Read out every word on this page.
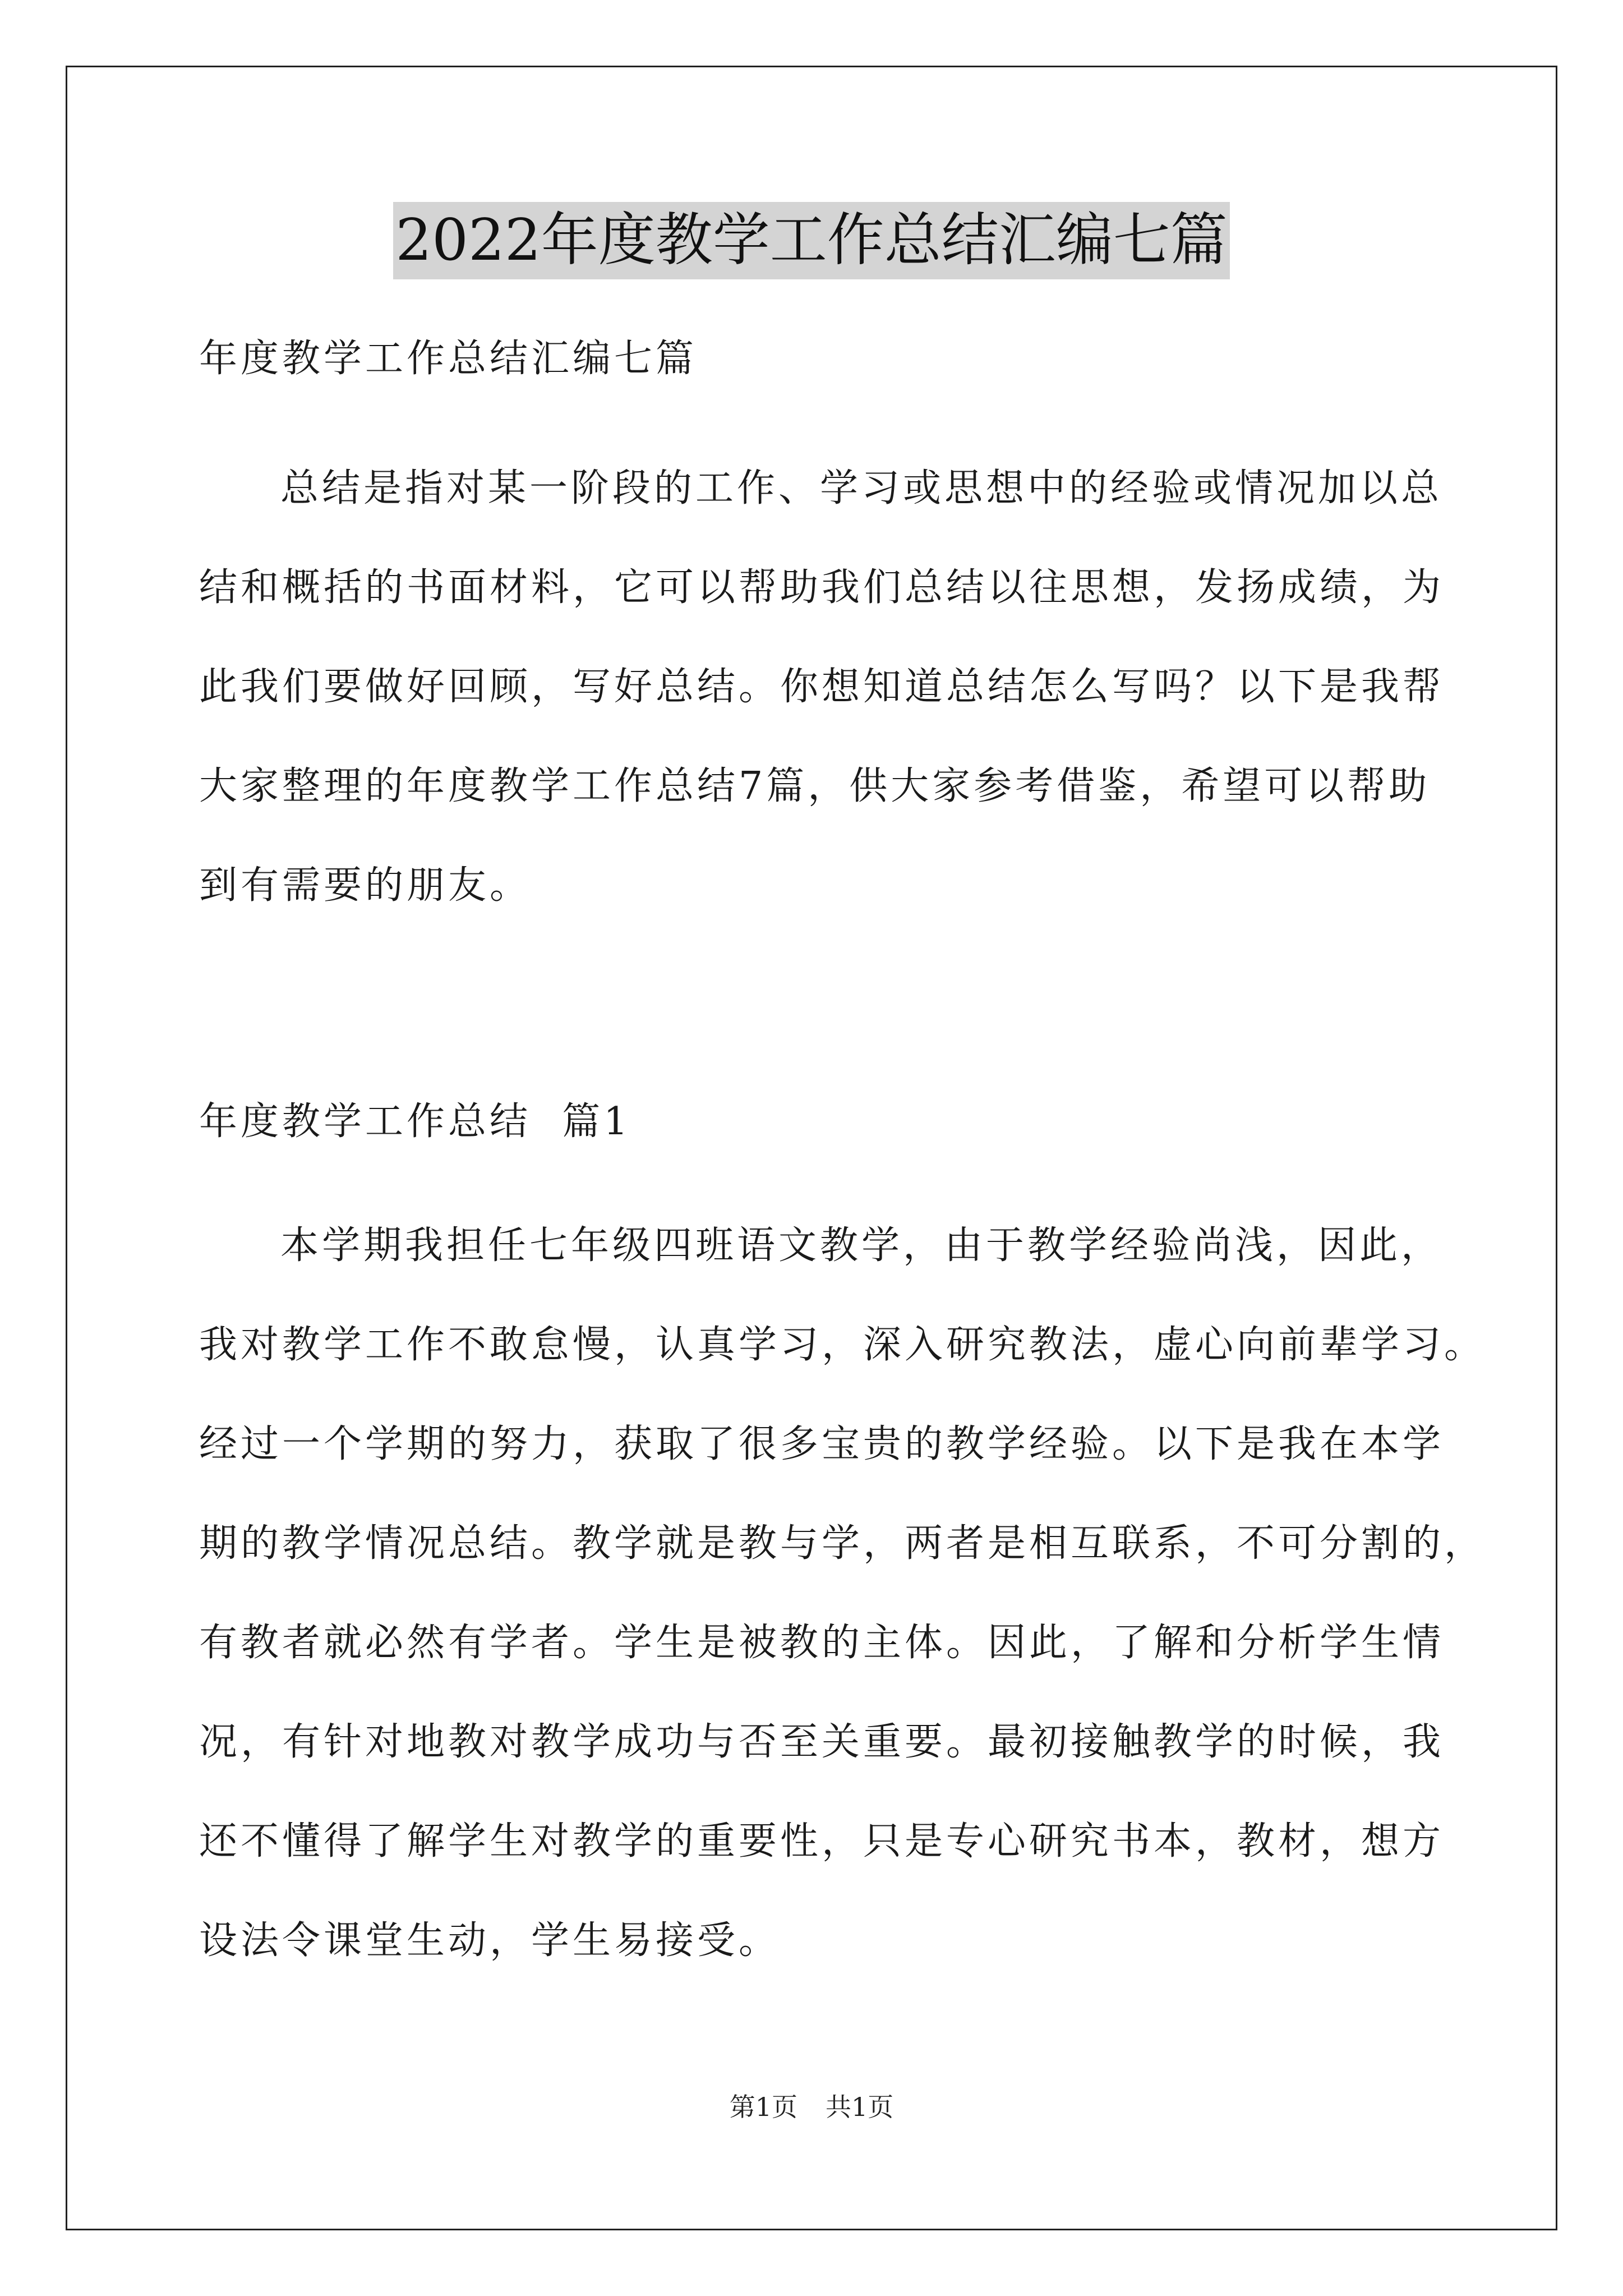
2022年度教学工作总结汇编七篇
年度教学工作总结汇编七篇
总结是指对某一阶段的工作、学习或思想中的经验或情况加以总
结和概括的书面材料，它可以帮助我们总结以往思想，发扬成绩，为
此我们要做好回顾，写好总结。你想知道总结怎么写吗？以下是我帮
大家整理的年度教学工作总结7篇，供大家参考借鉴，希望可以帮助
到有需要的朋友。
年度教学工作总结  篇1
本学期我担任七年级四班语文教学，由于教学经验尚浅，因此，
我对教学工作不敢怠慢，认真学习，深入研究教法，虚心向前辈学习。
经过一个学期的努力，获取了很多宝贵的教学经验。以下是我在本学
期的教学情况总结。教学就是教与学，两者是相互联系，不可分割的，
有教者就必然有学者。学生是被教的主体。因此，了解和分析学生情
况，有针对地教对教学成功与否至关重要。最初接触教学的时候，我
还不懂得了解学生对教学的重要性，只是专心研究书本，教材，想方
设法令课堂生动，学生易接受。
第1页 共1页
